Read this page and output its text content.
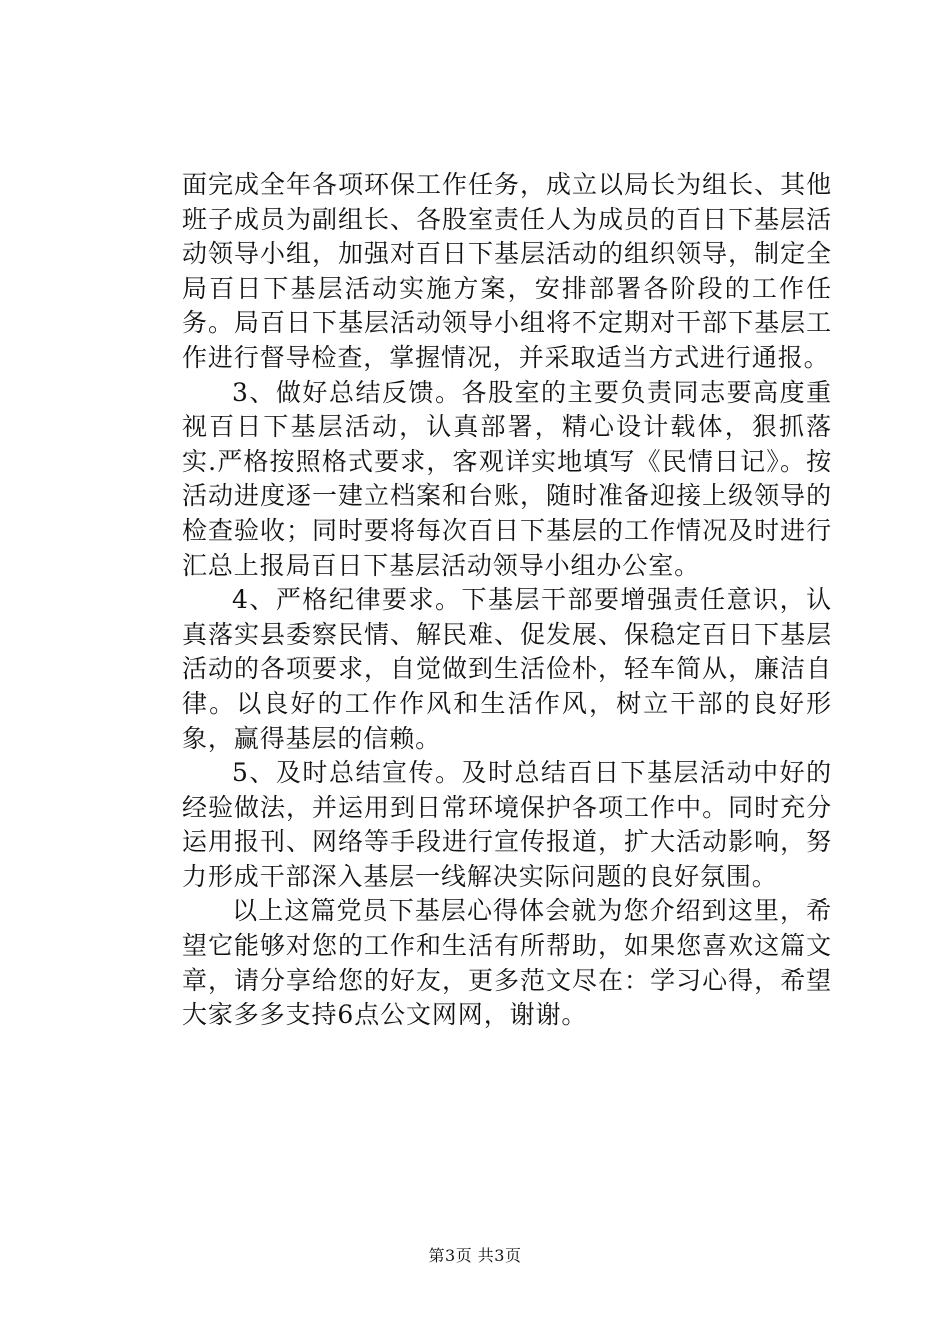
面完成全年各项环保工作任务，成立以局长为组长、其他班子成员为副组长、各股室责任人为成员的百日下基层活动领导小组，加强对百日下基层活动的组织领导，制定全局百日下基层活动实施方案，安排部署各阶段的工作任务。局百日下基层活动领导小组将不定期对干部下基层工作进行督导检查，掌握情况，并采取适当方式进行通报。

3、做好总结反馈。各股室的主要负责同志要高度重视百日下基层活动，认真部署，精心设计载体，狠抓落实.严格按照格式要求，客观详实地填写《民情日记》。按活动进度逐一建立档案和台账，随时准备迎接上级领导的检查验收；同时要将每次百日下基层的工作情况及时进行汇总上报局百日下基层活动领导小组办公室。

4、严格纪律要求。下基层干部要增强责任意识，认真落实县委察民情、解民难、促发展、保稳定百日下基层活动的各项要求，自觉做到生活俭朴，轻车简从，廉洁自律。以良好的工作作风和生活作风，树立干部的良好形象，赢得基层的信赖。

5、及时总结宣传。及时总结百日下基层活动中好的经验做法，并运用到日常环境保护各项工作中。同时充分运用报刊、网络等手段进行宣传报道，扩大活动影响，努力形成干部深入基层一线解决实际问题的良好氛围。

以上这篇党员下基层心得体会就为您介绍到这里，希望它能够对您的工作和生活有所帮助，如果您喜欢这篇文章，请分享给您的好友，更多范文尽在：学习心得，希望大家多多支持6点公文网网，谢谢。

第3页 共3页
